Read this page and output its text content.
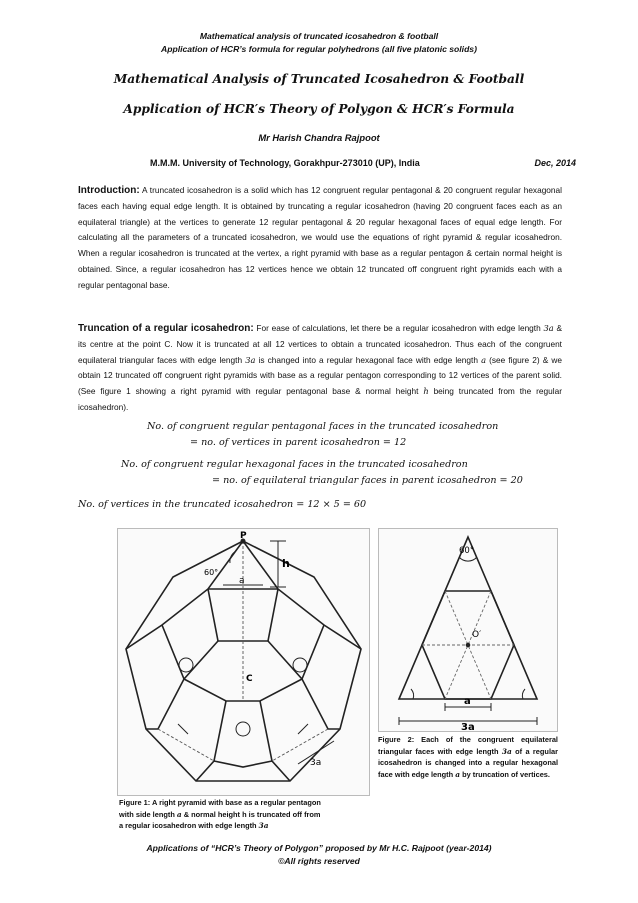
Mathematical analysis of truncated icosahedron & football
Application of HCR’s formula for regular polyhedrons (all five platonic solids)
Mathematical Analysis of Truncated Icosahedron & Football
Application of HCR′s Theory of Polygon & HCR′s Formula
Mr Harish Chandra Rajpoot
M.M.M. University of Technology, Gorakhpur-273010 (UP), India	Dec, 2014
Introduction: A truncated icosahedron is a solid which has 12 congruent regular pentagonal & 20 congruent regular hexagonal faces each having equal edge length. It is obtained by truncating a regular icosahedron (having 20 congruent faces each as an equilateral triangle) at the vertices to generate 12 regular pentagonal & 20 regular hexagonal faces of equal edge length. For calculating all the parameters of a truncated icosahedron, we would use the equations of right pyramid & regular icosahedron. When a regular icosahedron is truncated at the vertex, a right pyramid with base as a regular pentagon & certain normal height is obtained. Since, a regular icosahedron has 12 vertices hence we obtain 12 truncated off congruent right pyramids each with a regular pentagonal base.
Truncation of a regular icosahedron: For ease of calculations, let there be a regular icosahedron with edge length 3a & its centre at the point C. Now it is truncated at all 12 vertices to obtain a truncated icosahedron. Thus each of the congruent equilateral triangular faces with edge length 3a is changed into a regular hexagonal face with edge length a (see figure 2) & we obtain 12 truncated off congruent right pyramids with base as a regular pentagon corresponding to 12 vertices of the parent solid. (See figure 1 showing a right pyramid with regular pentagonal base & normal height h being truncated from the regular icosahedron).
No. of congruent regular pentagonal faces in the truncated icosahedron
= no. of vertices in parent icosahedron = 12
No. of congruent regular hexagonal faces in the truncated icosahedron
= no. of equilateral triangular faces in parent icosahedron = 20
No. of vertices in the truncated icosahedron = 12 × 5 = 60
P
h
60°
a
C
3a
Figure 1: A right pyramid with base as a regular pentagon
with side length a & normal height h is truncated off from
a regular icosahedron with edge length 3a
60°
O′
a
3a
Figure 2: Each of the congruent equilateral triangular faces with edge length 3a of a regular icosahedron is changed into a regular hexagonal face with edge length a by truncation of vertices.
Applications of “HCR’s Theory of Polygon” proposed by Mr H.C. Rajpoot (year-2014)
©All rights reserved
